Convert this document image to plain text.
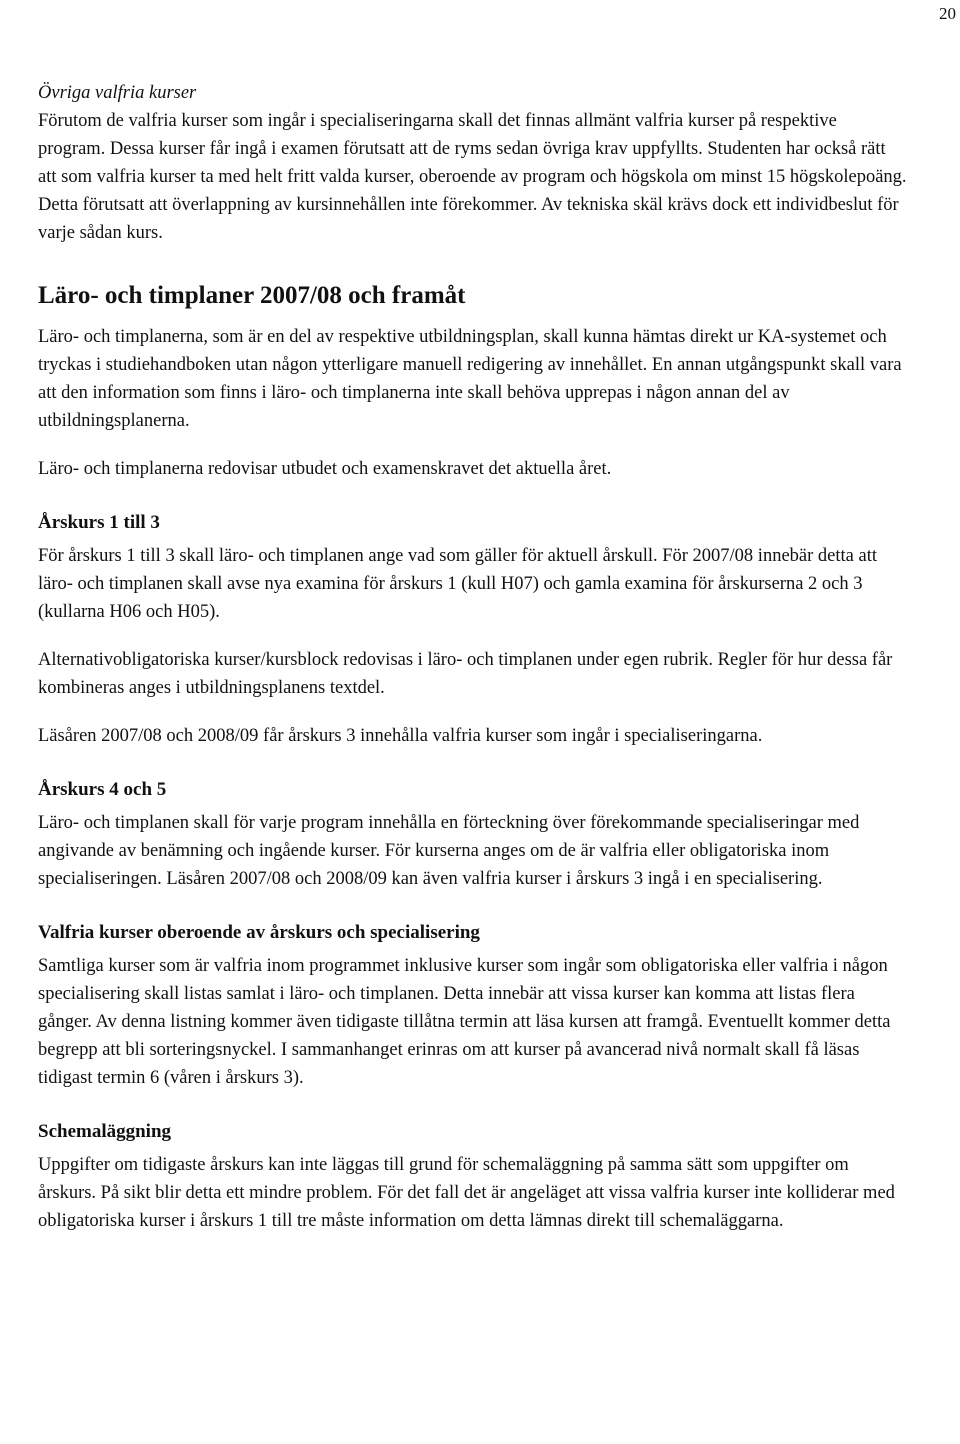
20

Övriga valfria kurser

Förutom de valfria kurser som ingår i specialiseringarna skall det finnas allmänt valfria kurser på respektive program. Dessa kurser får ingå i examen förutsatt att de ryms sedan övriga krav uppfyllts. Studenten har också rätt att som valfria kurser ta med helt fritt valda kurser, oberoende av program och högskola om minst 15 högskolepoäng. Detta förutsatt att överlappning av kursinnehållen inte förekommer. Av tekniska skäl krävs dock ett individbeslut för varje sådan kurs.

Läro- och timplaner 2007/08 och framåt

Läro- och timplanerna, som är en del av respektive utbildningsplan, skall kunna hämtas direkt ur KA-systemet och tryckas i studiehandboken utan någon ytterligare manuell redigering av innehållet. En annan utgångspunkt skall vara att den information som finns i läro- och timplanerna inte skall behöva upprepas i någon annan del av utbildningsplanerna.

Läro- och timplanerna redovisar utbudet och examenskravet det aktuella året.

Årskurs 1 till 3

För årskurs 1 till 3 skall läro- och timplanen ange vad som gäller för aktuell årskull. För 2007/08 innebär detta att läro- och timplanen skall avse nya examina för årskurs 1 (kull H07) och gamla examina för årskurserna 2 och 3 (kullarna H06 och H05).

Alternativobligatoriska kurser/kursblock redovisas i läro- och timplanen under egen rubrik. Regler för hur dessa får kombineras anges i utbildningsplanens textdel.

Läsåren 2007/08 och 2008/09 får årskurs 3 innehålla valfria kurser som ingår i specialiseringarna.

Årskurs 4 och 5

Läro- och timplanen skall för varje program innehålla en förteckning över förekommande specialiseringar med angivande av benämning och ingående kurser. För kurserna anges om de är valfria eller obligatoriska inom specialiseringen. Läsåren 2007/08 och 2008/09 kan även valfria kurser i årskurs 3 ingå i en specialisering.

Valfria kurser oberoende av årskurs och specialisering

Samtliga kurser som är valfria inom programmet inklusive kurser som ingår som obligatoriska eller valfria i någon specialisering skall listas samlat i läro- och timplanen. Detta innebär att vissa kurser kan komma att listas flera gånger. Av denna listning kommer även tidigaste tillåtna termin att läsa kursen att framgå. Eventuellt kommer detta begrepp att bli sorteringsnyckel. I sammanhanget erinras om att kurser på avancerad nivå normalt skall få läsas tidigast termin 6 (våren i årskurs 3).

Schemaläggning

Uppgifter om tidigaste årskurs kan inte läggas till grund för schemaläggning på samma sätt som uppgifter om årskurs. På sikt blir detta ett mindre problem. För det fall det är angeläget att vissa valfria kurser inte kolliderar med obligatoriska kurser i årskurs 1 till tre måste information om detta lämnas direkt till schemaläggarna.
